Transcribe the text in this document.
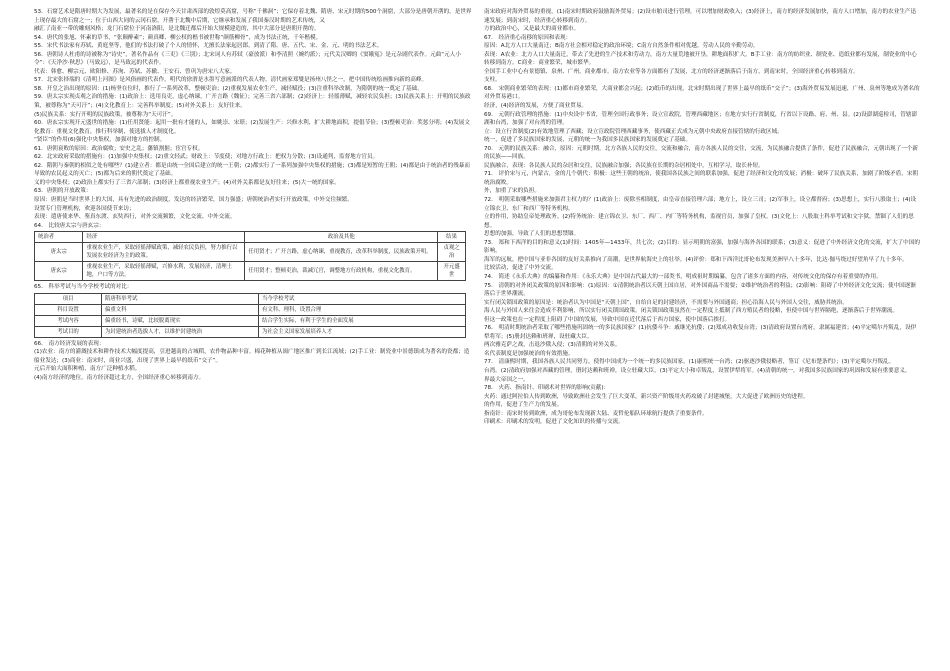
53．石窟艺术是隋唐时期大为发展，最著名的是在保存今天甘肃西部的敦煌莫高窟，号称“千佛洞”；它保存着北魏、隋唐、宋元时期的500个洞窟，大部分是唐朝开凿的，是世界上现存最大的石窟之一；位于山西大同的云冈石窟，开凿于北魏中后期，它继承和发展了我国秦汉时期的艺术传统，又

融汇了南亚一带的雕刻风格；龙门石窟位于河南洛阳，是北魏迁都后开始大规模建造的，其中大部分是唐朝开凿的。

54．唐代的张旭、怀素的草书，“张颠醉素”；颜真卿、柳公权的楷书被世称“颜筋柳骨”，成为书法正统，千年楷模。

55．宋代书法家有苏轼、黄庭坚等，他们的书法打破了个人的情怀，尤擅长法家起居郎。到清了隋、唐、五代、宋、金、元、明的书法艺术。

56．唐朝诗人杜甫的诗被称为“诗史”，著名作品有《三吏》《三别》；北宋词人有苏轼（豪放派）和李清照（婉约派）；元代关汉卿的《窦娥冤》是元杂剧代表作。元曲“元人小令”：《天净沙·秋思》（马致远），是马致远的代表作。

代表：韩愈、柳宗元、欧阳修、苏洵、苏轼、苏辙、王安石、曾巩为唐宋八大家。

57．北宋张择端的《清明上河图》是风俗画的代表作，明代的徐渭是水墨写意画派的代表人物。清代画家郑燮是扬州八怪之一，把中国传统绘画推向新的高峰。

58．开皇之治出现的原因：(1)杨坚在位时，推行了一系列改革，整顿吏治；(2)重视发展农业生产，减轻赋役；(3)注重科举改制，为隋朝的统一奠定了基础。

59．唐太宗实现贞观之治的措施：(1)政治上：选用良吏，虚心纳谏，广开言路（魏征）；完善三省六部制；(2)经济上：轻徭薄赋，减轻农民负担；(3)民族关系上：开明的民族政策，被尊称为“天可汗”；(4)文化教育上：完善科举制度；(5)对外关系上：友好往来。

(5)民族关系：实行开明的民族政策，被尊称为“天可汗”。

60．唐玄宗实现开元盛世的措施：(1)任用贤能：起用一批有才能的人，如姚崇、宋璟；(2)发展生产：兴修水利，扩大耕地面积，提倡节俭；(3)整顿吏治：奖惩分明；(4)发展文化教育：重视文化教育，推行科举制，使选拔人才制度化。

“贤臣”的作用(6)强化中央集权，加强对地方的控制。

61．唐朝衰败的原因：政治腐败；安史之乱；藩镇割据；宦官专权。

62．北宋政府采取的措施有：(1)加强中央集权；(2)重文轻武；财政上：节度使；对地方行政上：把权力分散；(3)设通判，监督地方官员。

62．隋朝与秦朝的相似之处有哪些？(1)建立者：都是由统一全国后建立的统一王朝；(2)都实行了一系列加强中央集权的措施；(3)都是短暂的王朝；(4)都是由于统治者的残暴而导致的农民起义的灭亡；(5)都为后来的朝代奠定了基础。

义的中央集权；(2)政治上都实行了三省六部制；(3)经济上都重视农业生产；(4)对外关系都是友好往来；(5)大一统的国家。

63．唐朝的开放政策：

原因：唐朝是当时世界上的大国，具有先进的政治制度，发达的经济繁荣，国力强盛；唐朝统治者实行开放政策，中外交往频繁。

设置专门管理机构，欢迎各国使节来访；

表现：遣唐使来华、鉴真东渡、玄奘西行，对外交流频繁，文化交流、中外交流。

64． 比较唐太宗与唐玄宗：

统治者	经济	政治及其他	结果
唐太宗	重视农业生产，采取轻徭薄赋政策，减轻农民负担，努力推行以发展农业经济为主的政策。	任用贤才；广开言路，虚心纳谏，重视教育，改革科举制度，民族政策开明。	贞观之治
唐玄宗	重视农业生产，采取轻徭薄赋，兴修水利，发展经济，清理土地，户口等方法。	任用贤才；整顿吏治，裁减冗官，调整地方行政机构，重视文化教育。	开元盛世

65． 科举考试与当今学校考试的对比：

项目	隋唐科举考试	当今学校考试
科目设置	偏重文科	有文科、理科，设置合理
考试内容	偏重经书，诗赋，比较脱离现实	结合学生实际，有利于学生的全面发展
考试目的	为封建统治者选拔人才，以维护封建统治	为社会主义国家发展培养人才

66． 南方经济发展的表现：

(1)农业：南方的灌溉技术和耕作技术大幅度提高，引进越南的占城稻，农作物品种丰富。棉花种植从闽广地区推广到长江流域；(2)手工业：制瓷业中景德镇成为著名的瓷都；造船业发达；(3)商业：南宋时，商业兴盛，出现了世界上最早的纸币“交子”。

元后开始大面积种植，南方广泛种植水稻。

(4)南方经济的地位，南方经济超过北方，全国经济重心转移到南方。

南宋政府对海外贸易的重视，(1)南宋时期政府鼓励海外贸易；(2)设市舶司进行管理，可以增加财政收入；(3)经济上，南方的经济发展加快，南方人口增加，南方的农业生产迅速发展；到南宋时，经济重心转移到南方。

方的政治中心，又是最大的商业都市。

67． 经济重心南移的原因和表现：

原因：A北方人口大量南迁；B南方社会相对稳定的政治环境；C南方自然条件相对优越，劳动人民的辛勤劳动。

表现：A农业：北方人口大量南迁，带去了先进的生产技术和劳动力，南方大量荒地被开垦，耕地面积扩大。B手工业：南方的纺织业、制瓷业、造纸业都有发展，制瓷业的中心转移到南方。C商业：商业繁荣，城市繁华。

全国手工业中心有景德镇、泉州、广州，商业都市。南方农业等各方面都有了发展，北方的经济逐渐落后于南方，到南宋时，全国经济重心转移到南方。

支柱。

68． 宋朝商业繁荣的表现：(1)都市商业繁荣，大商业都会兴起；(2)纸币的出现，北宋时期出现了世界上最早的纸币“交子”；(3)海外贸易发展迅速，广州、泉州等地成为著名的对外贸易港口。

经济，(4)经济的发展，方便了商业贸易。

69． 元朝行政管理的措施：(1)中央设中书省，管理全国行政事务；设立宣政院，管理西藏地区；在地方实行行省制度，行省以下设路、府、州、县。(2)设澎湖巡检司，管辖澎湖和台湾，加强了对台湾的管理。

立：设立行省制度(2)有效地管理了西藏；设立宣政院管理西藏事务，使西藏正式成为元朝中央政府直接管辖的行政区域。

统一，促进了多民族国家的发展，元朝的统一为我国多民族国家的发展奠定了基础。

70． 元朝的民族关系：融合，原因：元朝时期，北方各族人民的交往，交流和融合，南方各族人民的交往，交流，为民族融合提供了条件，促进了民族融合，元朝出现了一个新的民族——回族。

民族融合，表现：各民族人民的杂居和交往，民族融合加强；各民族在长期的杂居相处中，互相学习，取长补短。

71． 评价宋与元，内蒙古，金的几个朝代：积极：这些王朝的统治，使我国各民族之间的联系加强，促进了经济和文化的发展；消极：破坏了民族关系，加剧了阶级矛盾，宋朝统治腐败。

外，加重了宋的负担。

72． 明朝采取哪些措施来加强君主权力的？(1)政治上：废除丞相制度，由皇帝直接管理六部；地方上，设立三司；(2)军事上，设立都督府；(3)思想上，实行八股取士；(4)设立锦衣卫、东厂和西厂等特务机构。

立的作用，协助皇帝处理政务。(2)特务统治：建立锦衣卫、东厂、西厂、内厂等特务机构，监视官员，加强了皇权。(3)文化上：八股取士科举考试和文字狱，禁锢了人们的思想。

思想的加强，导致了人们的思想禁锢。

73． 郑和下西洋的目的和意义(1)时间：1405年—1433年，共七次；(2)目的：显示明朝的富强，加强与海外各国的联系；(3)意义：促进了中外经济文化的交流，扩大了中国的影响。

海军的远航，把中国与亚非各国的友好关系推向了高潮，是世界航海史上的壮举。(4)评价：郑和下西洋比哥伦布发现美洲早八十多年，比达·伽马绕过好望角早了九十多年。

比较活动，促进了中外交流。

74． 简述《永乐大典》的编纂和作用：《永乐大典》是中国古代最大的一部类书，明成祖时期编纂，包含了诸多方面的内容，对传统文化的保存有着重要的作用。

75． 清朝的对外闭关政策的原因和影响：(1)原因：①清朝统治者以天朝上国自居，对外国商品不需要；②维护统治者的利益；(2)影响：阻碍了中外经济文化交流；使中国逐渐落后于世界潮流。

实行闭关锁国政策的原因是：统治者认为中国是“天朝上国”，自给自足的封建经济，不需要与外国通商；担心沿海人民与外国人交往，威胁其统治。

海人民与外国人来往会造成不利影响，所以实行闭关锁国政策。闭关锁国政策虽然在一定程度上抵制了西方殖民者的侵略，但使中国与世界隔绝，逐渐落后于世界潮流。

但这一政策也在一定程度上阻碍了中国的发展，导致中国在近代落后于西方国家，使中国落后挨打。

76． 明清时期统治者采取了哪些措施巩固统一的多民族国家？(1)抗倭斗争：戚继光抗倭；(2)郑成功收复台湾；(3)清政府设置台湾府，隶属福建省；(4)平定噶尔丹叛乱，设伊犁将军；(5)册封达赖和班禅，设驻藏大臣。

两次雅克萨之战，击退沙俄入侵；(3)清朝的对外关系。

名代表制度是加强统治的有效措施。

77． 清康熙时期，我国各族人民共同努力，使得中国成为一个统一的多民族国家，(1)康熙统一台湾；(2)驱逐沙俄侵略者，签订《尼布楚条约》；(3)平定噶尔丹叛乱。

台湾。(2)清政府加强对西藏的管理，册封达赖和班禅，设立驻藏大臣。(3)平定大小和卓叛乱，设置伊犁将军。(4)清朝的统一，对我国多民族国家的巩固和发展有重要意义。

界最大帝国之一。

78． 火药、指南针、印刷术对世界的影响(贡献)：

火药：通过阿拉伯人传到欧洲，导致欧洲社会发生了巨大变革，新兴资产阶级用火药攻破了封建城堡，大大促进了欧洲历史的进程。

的作用，促进了生产力的发展。

指南针：南宋时传到欧洲，成为哥伦布发现新大陆、麦哲伦船队环球航行提供了重要条件。

印刷术：印刷术的发明，促进了文化知识的传播与交流。
